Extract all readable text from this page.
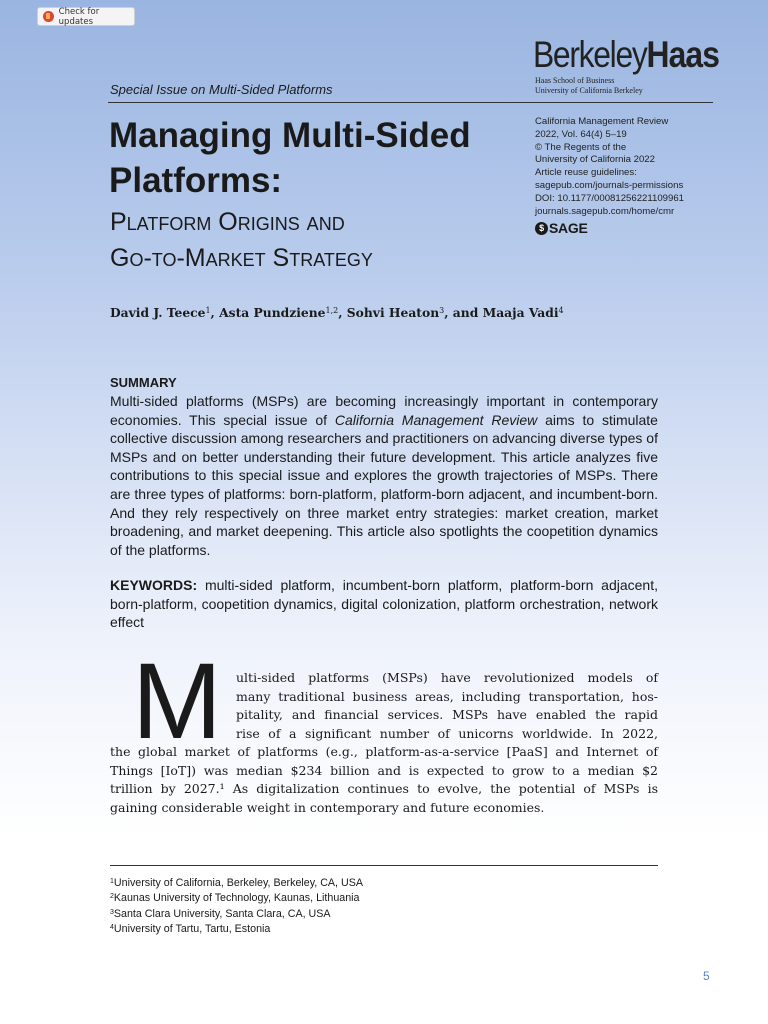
Check for updates
BerkeleyHaas
Haas School of Business
University of California Berkeley
Special Issue on Multi-Sided Platforms
Managing Multi-Sided Platforms:
Platform Origins and
Go-to-Market Strategy
California Management Review
2022, Vol. 64(4) 5–19
© The Regents of the
University of California 2022
Article reuse guidelines:
sagepub.com/journals-permissions
DOI: 10.1177/00081256221109961
journals.sagepub.com/home/cmr
$ SAGE
David J. Teece$^1$, Asta Pundziene$^{1,2}$, Sohvi Heaton$^3$, and Maaja Vadi$^4$
SUMMARY
Multi-sided platforms (MSPs) are becoming increasingly important in contemporary economies. This special issue of California Management Review aims to stimulate collective discussion among researchers and practitioners on advancing diverse types of MSPs and on better understanding their future development. This article analyzes five contributions to this special issue and explores the growth trajectories of MSPs. There are three types of platforms: born-platform, platform-born adjacent, and incumbent-born. And they rely respectively on three market entry strategies: market creation, market broadening, and market deepening. This article also spotlights the coopetition dynamics of the platforms.
KEYWORDS: multi-sided platform, incumbent-born platform, platform-born adjacent, born-platform, coopetition dynamics, digital colonization, platform orchestration, network effect
M ulti-sided platforms (MSPs) have revolutionized models of
many traditional business areas, including transportation, hos-
pitality, and financial services. MSPs have enabled the rapid
rise of a significant number of unicorns worldwide. In 2022,
the global market of platforms (e.g., platform-as-a-service [PaaS] and Internet of
Things [IoT]) was median $234 billion and is expected to grow to a median $2
trillion by 2027.¹ As digitalization continues to evolve, the potential of MSPs is
gaining considerable weight in contemporary and future economies.
$^1$University of California, Berkeley, Berkeley, CA, USA
$^2$Kaunas University of Technology, Kaunas, Lithuania
$^3$Santa Clara University, Santa Clara, CA, USA
$^4$University of Tartu, Tartu, Estonia
5
